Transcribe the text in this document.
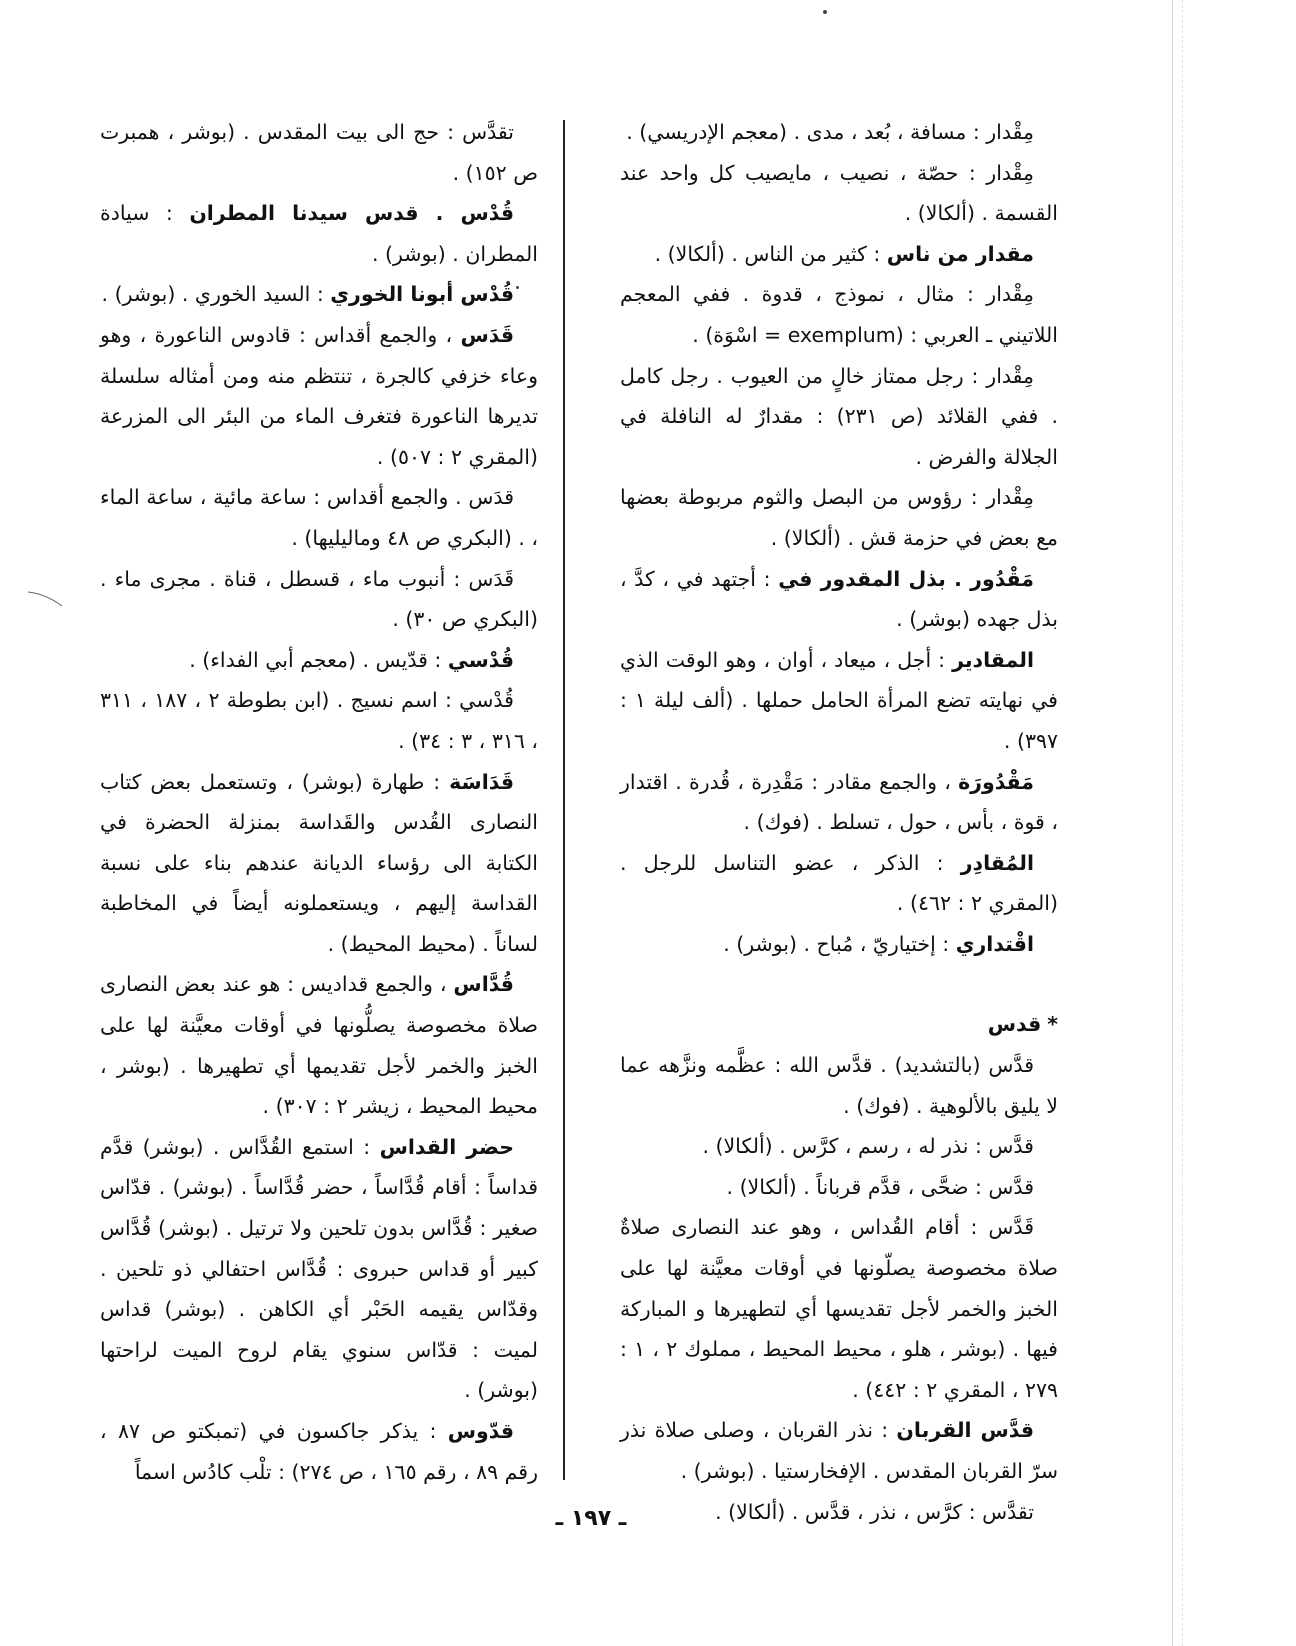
مِقْدار : مسافة ، بُعد ، مدى . (معجم الإدريسي) .

مِقْدار : حصّة ، نصيب ، مايصيب كل واحد عند القسمة . (ألكالا) .

مقدار من ناس : كثير من الناس . (ألكالا) .

مِقْدار : مثال ، نموذج ، قدوة . ففي المعجم اللاتيني ـ العربي : (exemplum = اسْوَة) .

مِقْدار : رجل ممتاز خالٍ من العيوب . رجل كامل . ففي القلائد (ص ٢٣١) : مقدارٌ له النافلة في الجلالة والفرض .

مِقْدار : رؤوس من البصل والثوم مربوطة بعضها مع بعض في حزمة قش . (ألكالا) .

مَقْدُور . بذل المقدور في : أجتهد في ، كدَّ ، بذل جهده (بوشر) .

المقادير : أجل ، ميعاد ، أوان ، وهو الوقت الذي في نهايته تضع المرأة الحامل حملها . (ألف ليلة ١ : ٣٩٧) .

مَقْدُورَة ، والجمع مقادر : مَقْدِرة ، قُدرة . اقتدار ، قوة ، بأس ، حول ، تسلط . (فوك) .

المُقادِر : الذكر ، عضو التناسل للرجل . (المقري ٢ : ٤٦٢) .

اقْتداري : إختياريّ ، مُباح . (بوشر) .

*قدس

قدَّس (بالتشديد) . قدَّس الله : عظَّمه ونزَّهه عما لا يليق بالألوهية . (فوك) .

قدَّس : نذر له ، رسم ، كرَّس . (ألكالا) .

قدَّس : ضحَّى ، قدَّم قرباناً . (ألكالا) .

قَدَّس : أقام القُداس ، وهو عند النصارى صلاةٌ صلاة مخصوصة يصلّونها في أوقات معيَّنة لها على الخبز والخمر لأجل تقديسها أي لتطهيرها و المباركة فيها . (بوشر ، هلو ، محيط المحيط ، مملوك ٢ ، ١ : ٢٧٩ ، المقري ٢ : ٤٤٢) .

قدَّس القربان : نذر القربان ، وصلى صلاة نذر سرّ القربان المقدس . الإفخارستيا . (بوشر) .

تقدَّس : كرَّس ، نذر ، قدَّس . (ألكالا) .

تقدَّس : حج الى بيت المقدس . (بوشر ، همبرت ص ١٥٢) .

قُدْس . قدس سيدنا المطران : سيادة المطران . (بوشر) .

قُدْس أبونا الخوري : السيد الخوري . (بوشر) .

قَدَس ، والجمع أقداس : قادوس الناعورة ، وهو وعاء خزفي كالجرة ، تنتظم منه ومن أمثاله سلسلة تديرها الناعورة فتغرف الماء من البئر الى المزرعة (المقري ٢ : ٥٠٧) .

قدَس . والجمع أقداس : ساعة مائية ، ساعة الماء ، . (البكري ص ٤٨ وماليليها) .

قَدَس : أنبوب ماء ، قسطل ، قناة . مجرى ماء . (البكري ص ٣٠) .

قُدْسي : قدّيس . (معجم أبي الفداء) .

قُدْسي : اسم نسيج . (ابن بطوطة ٢ ، ١٨٧ ، ٣١١ ، ٣١٦ ، ٣ : ٣٤) .

قَدَاسَة : طهارة (بوشر) ، وتستعمل بعض كتاب النصارى القُدس والقَداسة بمنزلة الحضرة في الكتابة الى رؤساء الديانة عندهم بناء على نسبة القداسة إليهم ، ويستعملونه أيضاً في المخاطبة لساناً . (محيط المحيط) .

قُدَّاس ، والجمع قداديس : هو عند بعض النصارى صلاة مخصوصة يصلُّونها في أوقات معيَّنة لها على الخبز والخمر لأجل تقديمها أي تطهيرها . (بوشر ، محيط المحيط ، زيشر ٢ : ٣٠٧) .

حضر القداس : استمع القُدَّاس . (بوشر) قدَّم قداساً : أقام قُدَّاساً ، حضر قُدَّاساً . (بوشر) . قدّاس صغير : قُدَّاس بدون تلحين ولا ترتيل . (بوشر) قُدَّاس كبير أو قداس حبروى : قُدَّاس احتفالي ذو تلحين . وقدّاس يقيمه الحَبْر أي الكاهن . (بوشر) قداس لميت : قدّاس سنوي يقام لروح الميت لراحتها (بوشر) .

قدّوس : يذكر جاكسون في (تمبكتو ص ٨٧ ، رقم ٨٩ ، رقم ١٦٥ ، ص ٢٧٤) : تلْب كادُس اسماً

ـ ١٩٧ ـ
